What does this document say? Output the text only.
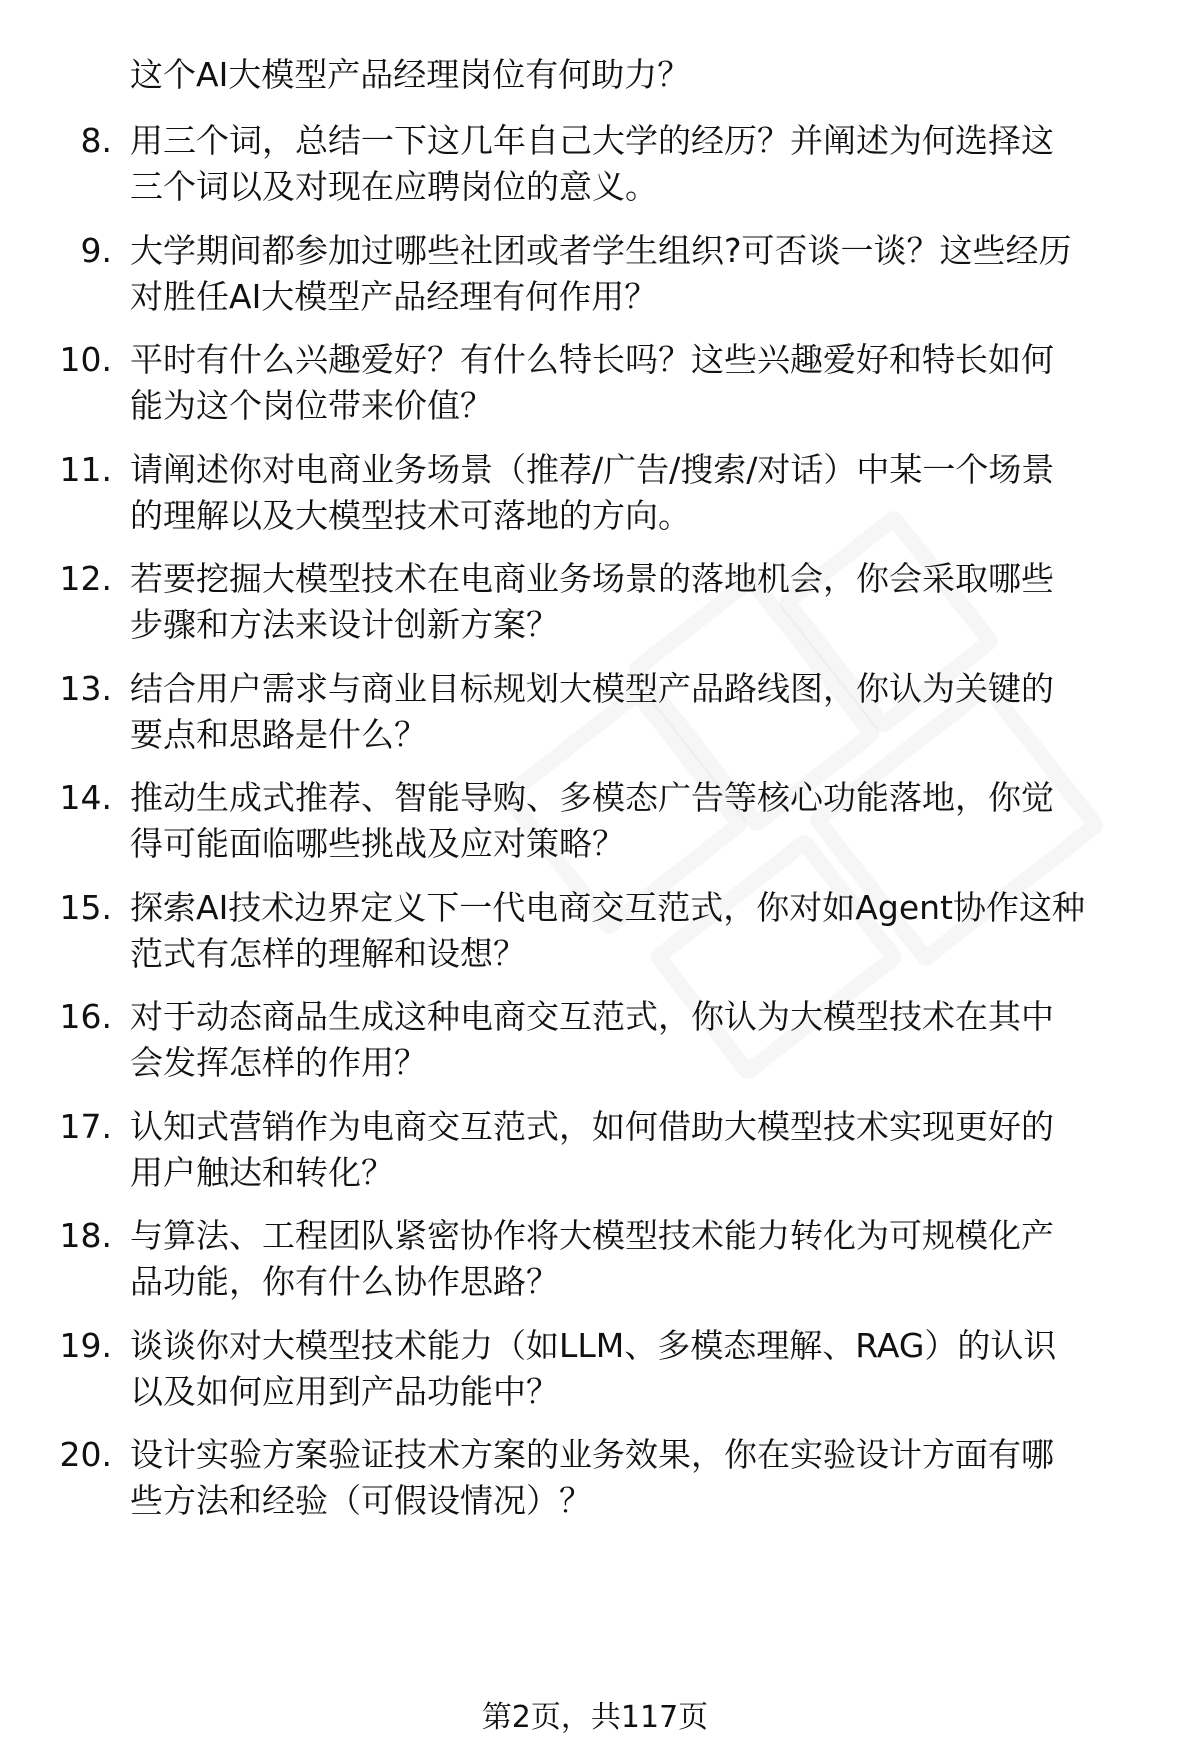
这个AI大模型产品经理岗位有何助力？
8. 用三个词，总结一下这几年自己大学的经历？并阐述为何选择这
三个词以及对现在应聘岗位的意义。
9. 大学期间都参加过哪些社团或者学生组织?可否谈一谈？这些经历
对胜任AI大模型产品经理有何作用？
10. 平时有什么兴趣爱好？有什么特长吗？这些兴趣爱好和特长如何
能为这个岗位带来价值？
11. 请阐述你对电商业务场景（推荐/广告/搜索/对话）中某一个场景
的理解以及大模型技术可落地的方向。
12. 若要挖掘大模型技术在电商业务场景的落地机会，你会采取哪些
步骤和方法来设计创新方案？
13. 结合用户需求与商业目标规划大模型产品路线图，你认为关键的
要点和思路是什么？
14. 推动生成式推荐、智能导购、多模态广告等核心功能落地，你觉
得可能面临哪些挑战及应对策略？
15. 探索AI技术边界定义下一代电商交互范式，你对如Agent协作这种
范式有怎样的理解和设想？
16. 对于动态商品生成这种电商交互范式，你认为大模型技术在其中
会发挥怎样的作用？
17. 认知式营销作为电商交互范式，如何借助大模型技术实现更好的
用户触达和转化？
18. 与算法、工程团队紧密协作将大模型技术能力转化为可规模化产
品功能，你有什么协作思路？
19. 谈谈你对大模型技术能力（如LLM、多模态理解、RAG）的认识
以及如何应用到产品功能中？
20. 设计实验方案验证技术方案的业务效果，你在实验设计方面有哪
些方法和经验（可假设情况）？
第2页，共117页
